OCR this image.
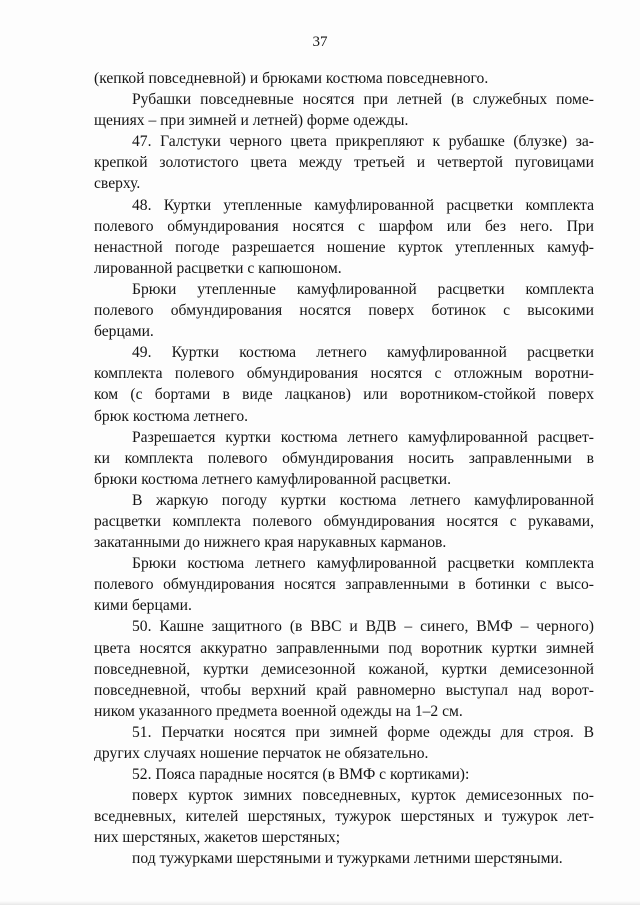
37
(кепкой повседневной) и брюками костюма повседневного.
Рубашки повседневные носятся при летней (в служебных поме-
щениях – при зимней и летней) форме одежды.
47. Галстуки черного цвета прикрепляют к рубашке (блузке) за-
крепкой золотистого цвета между третьей и четвертой пуговицами
сверху.
48. Куртки утепленные камуфлированной расцветки комплекта
полевого обмундирования носятся с шарфом или без него. При
ненастной погоде разрешается ношение курток утепленных камуф-
лированной расцветки с капюшоном.
Брюки утепленные камуфлированной расцветки комплекта
полевого обмундирования носятся поверх ботинок с высокими
берцами.
49. Куртки костюма летнего камуфлированной расцветки
комплекта полевого обмундирования носятся с отложным воротни-
ком (с бортами в виде лацканов) или воротником-стойкой поверх
брюк костюма летнего.
Разрешается куртки костюма летнего камуфлированной расцвет-
ки комплекта полевого обмундирования носить заправленными в
брюки костюма летнего камуфлированной расцветки.
В жаркую погоду куртки костюма летнего камуфлированной
расцветки комплекта полевого обмундирования носятся с рукавами,
закатанными до нижнего края нарукавных карманов.
Брюки костюма летнего камуфлированной расцветки комплекта
полевого обмундирования носятся заправленными в ботинки с высо-
кими берцами.
50. Кашне защитного (в ВВС и ВДВ – синего, ВМФ – черного)
цвета носятся аккуратно заправленными под воротник куртки зимней
повседневной, куртки демисезонной кожаной, куртки демисезонной
повседневной, чтобы верхний край равномерно выступал над ворот-
ником указанного предмета военной одежды на 1–2 см.
51. Перчатки носятся при зимней форме одежды для строя. В
других случаях ношение перчаток не обязательно.
52. Пояса парадные носятся (в ВМФ с кортиками):
поверх курток зимних повседневных, курток демисезонных по-
вседневных, кителей шерстяных, тужурок шерстяных и тужурок лет-
них шерстяных, жакетов шерстяных;
под тужурками шерстяными и тужурками летними шерстяными.
